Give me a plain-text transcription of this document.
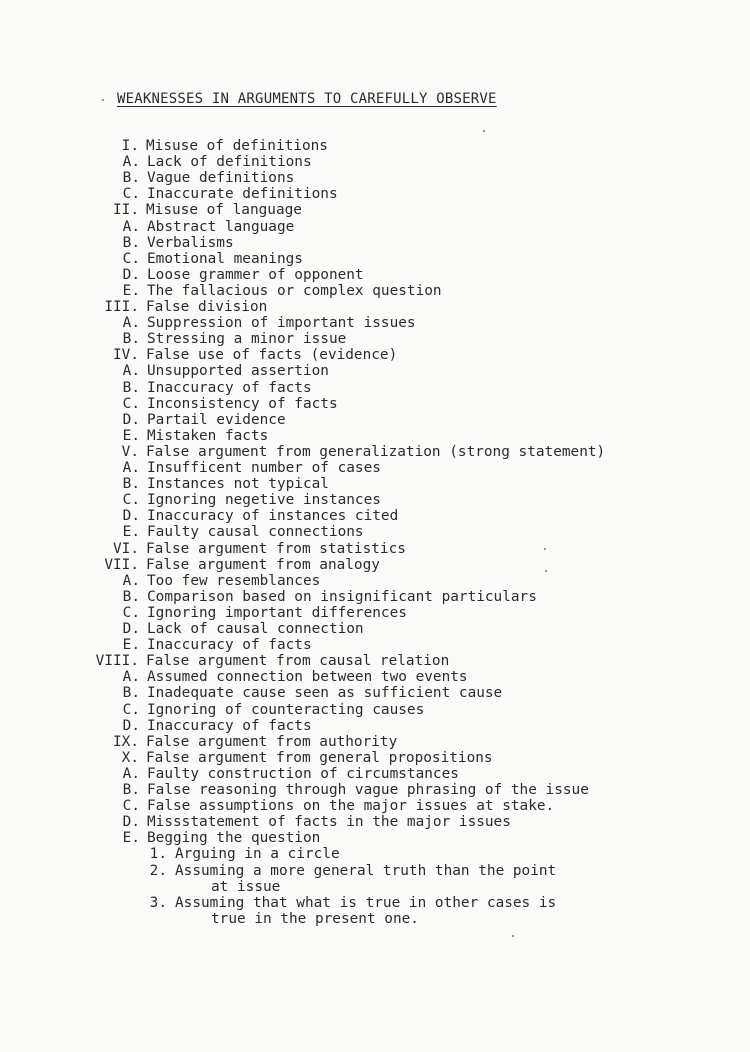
WEAKNESSES IN ARGUMENTS TO CAREFULLY OBSERVE
I. Misuse of definitions
A. Lack of definitions
B. Vague definitions
C. Inaccurate definitions
II. Misuse of language
A. Abstract language
B. Verbalisms
C. Emotional meanings
D. Loose grammer of opponent
E. The fallacious or complex question
III. False division
A. Suppression of important issues
B. Stressing a minor issue
IV. False use of facts (evidence)
A. Unsupported assertion
B. Inaccuracy of facts
C. Inconsistency of facts
D. Partail evidence
E. Mistaken facts
V. False argument from generalization (strong statement)
A. Insufficent number of cases
B. Instances not typical
C. Ignoring negetive instances
D. Inaccuracy of instances cited
E. Faulty causal connections
VI. False argument from statistics
VII. False argument from analogy
A. Too few resemblances
B. Comparison based on insignificant particulars
C. Ignoring important differences
D. Lack of causal connection
E. Inaccuracy of facts
VIII. False argument from causal relation
A. Assumed connection between two events
B. Inadequate cause seen as sufficient cause
C. Ignoring of counteracting causes
D. Inaccuracy of facts
IX. False argument from authority
X. False argument from general propositions
A. Faulty construction of circumstances
B. False reasoning through vague phrasing of the issue
C. False assumptions on the major issues at stake.
D. Missstatement of facts in the major issues
E. Begging the question
1. Arguing in a circle
2. Assuming a more general truth than the point
at issue
3. Assuming that what is true in other cases is
true in the present one.
